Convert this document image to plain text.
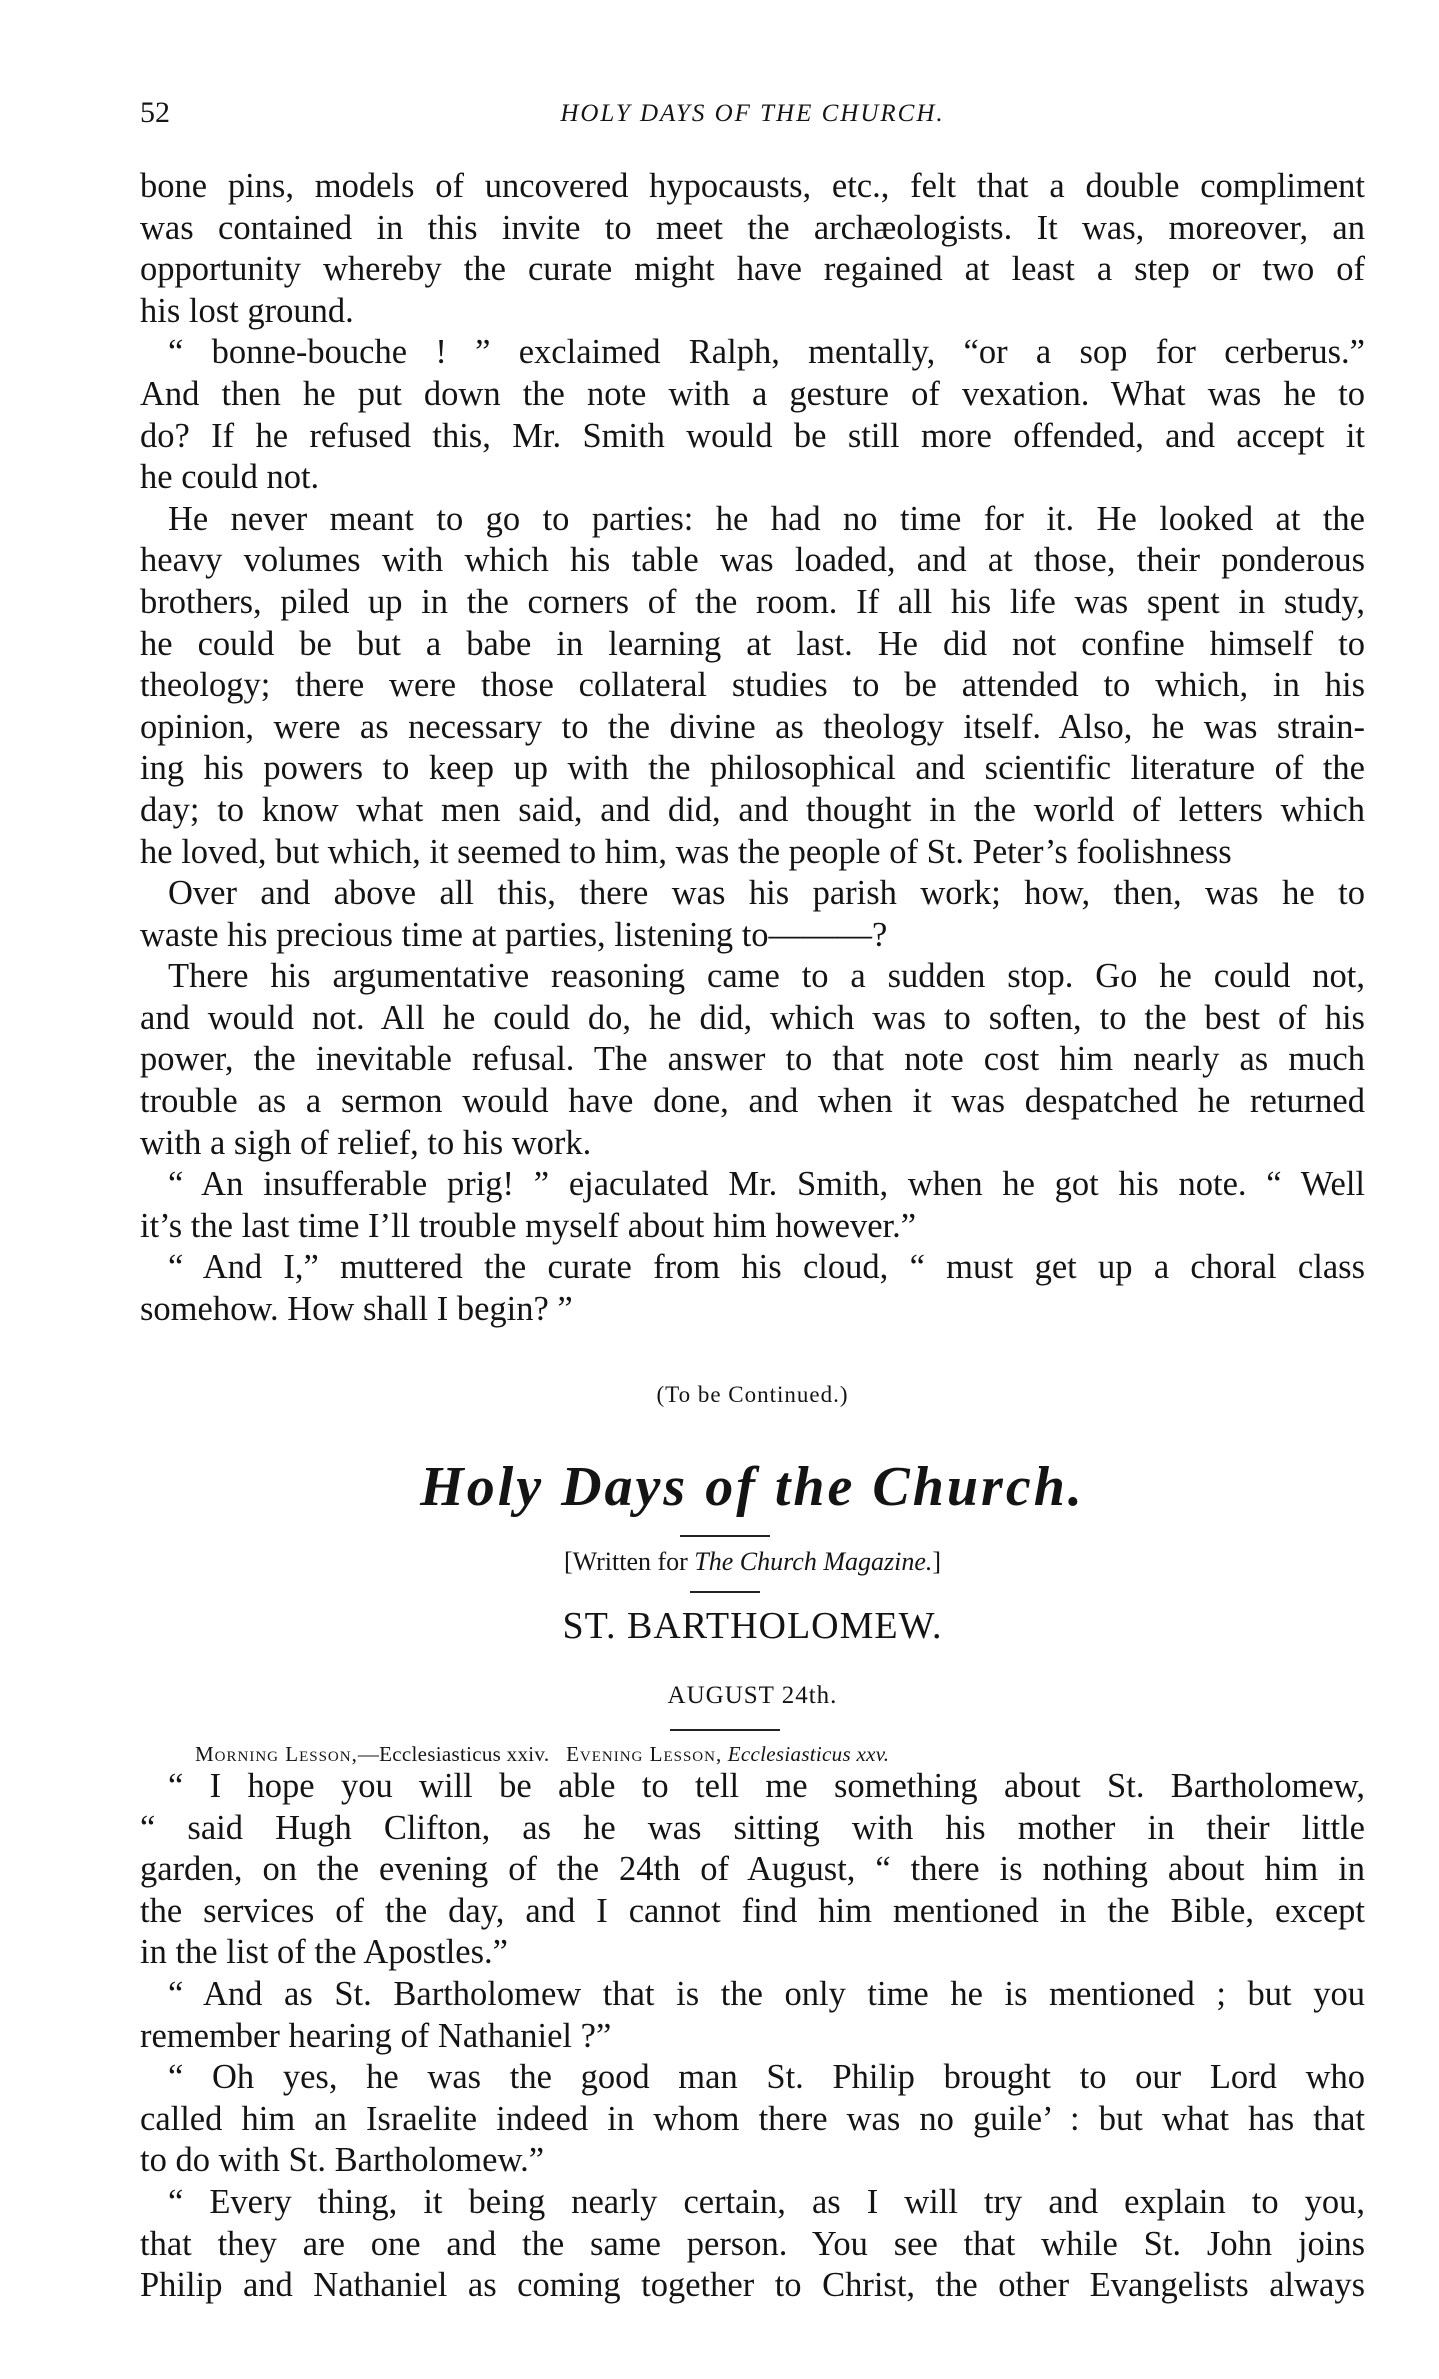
52	HOLY DAYS OF THE CHURCH.

bone pins, models of uncovered hypocausts, etc., felt that a double compliment
was contained in this invite to meet the archæologists. It was, moreover, an
opportunity whereby the curate might have regained at least a step or two of
his lost ground.

“ bonne-bouche ! ” exclaimed Ralph, mentally, “or a sop for cerberus.”
And then he put down the note with a gesture of vexation. What was he to
do? If he refused this, Mr. Smith would be still more offended, and accept it
he could not.

He never meant to go to parties: he had no time for it. He looked at the
heavy volumes with which his table was loaded, and at those, their ponderous
brothers, piled up in the corners of the room. If all his life was spent in study,
he could be but a babe in learning at last. He did not confine himself to
theology; there were those collateral studies to be attended to which, in his
opinion, were as necessary to the divine as theology itself. Also, he was strain-
ing his powers to keep up with the philosophical and scientific literature of the
day; to know what men said, and did, and thought in the world of letters which
he loved, but which, it seemed to him, was the people of St. Peter’s foolishness

Over and above all this, there was his parish work; how, then, was he to
waste his precious time at parties, listening to———?

There his argumentative reasoning came to a sudden stop. Go he could not,
and would not. All he could do, he did, which was to soften, to the best of his
power, the inevitable refusal. The answer to that note cost him nearly as much
trouble as a sermon would have done, and when it was despatched he returned
with a sigh of relief, to his work.

“ An insufferable prig! ” ejaculated Mr. Smith, when he got his note. “ Well
it’s the last time I’ll trouble myself about him however.”

“ And I,” muttered the curate from his cloud, “ must get up a choral class
somehow. How shall I begin? ”

(To be Continued.)

Holy Days of the Church.

[Written for The Church Magazine.]

ST. BARTHOLOMEW.

AUGUST 24th.

Morning Lesson,—Ecclesiasticus xxiv. Evening Lesson, Ecclesiasticus xxv.

“ I hope you will be able to tell me something about St. Bartholomew,
“ said Hugh Clifton, as he was sitting with his mother in their little
garden, on the evening of the 24th of August, “ there is nothing about him in
the services of the day, and I cannot find him mentioned in the Bible, except
in the list of the Apostles.”

“ And as St. Bartholomew that is the only time he is mentioned ; but you
remember hearing of Nathaniel ?”

“ Oh yes, he was the good man St. Philip brought to our Lord who
called him an Israelite indeed in whom there was no guile’ : but what has that
to do with St. Bartholomew.”

“ Every thing, it being nearly certain, as I will try and explain to you,
that they are one and the same person. You see that while St. John joins
Philip and Nathaniel as coming together to Christ, the other Evangelists always
